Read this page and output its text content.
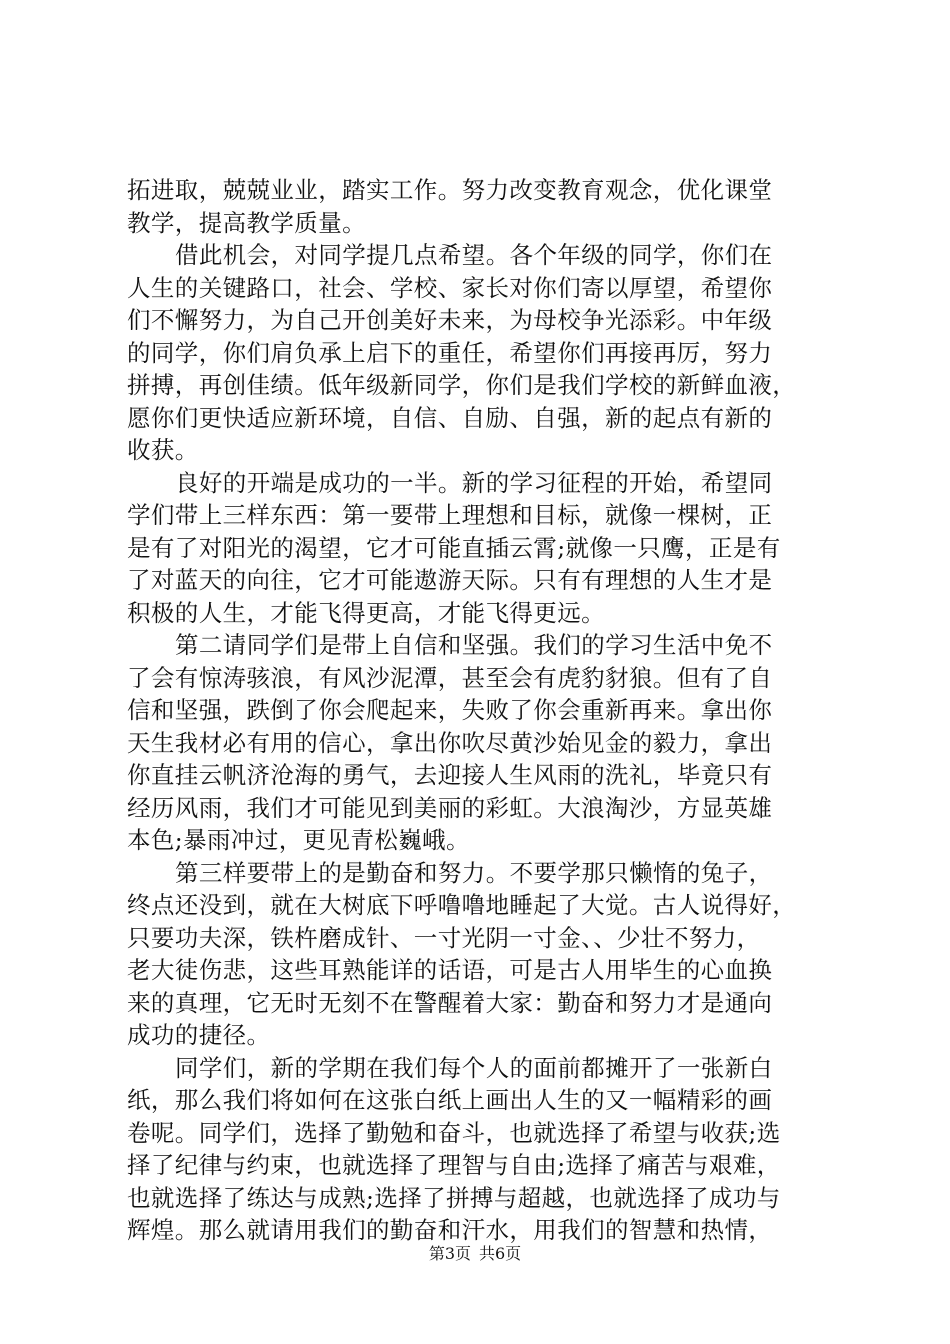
拓进取，兢兢业业，踏实工作。努力改变教育观念，优化课堂
教学，提高教学质量。
借此机会，对同学提几点希望。各个年级的同学，你们在
人生的关键路口，社会、学校、家长对你们寄以厚望，希望你
们不懈努力，为自己开创美好未来，为母校争光添彩。中年级
的同学，你们肩负承上启下的重任，希望你们再接再厉，努力
拼搏，再创佳绩。低年级新同学，你们是我们学校的新鲜血液，
愿你们更快适应新环境，自信、自励、自强，新的起点有新的
收获。
良好的开端是成功的一半。新的学习征程的开始，希望同
学们带上三样东西：第一要带上理想和目标，就像一棵树，正
是有了对阳光的渴望，它才可能直插云霄;就像一只鹰，正是有
了对蓝天的向往，它才可能遨游天际。只有有理想的人生才是
积极的人生，才能飞得更高，才能飞得更远。
第二请同学们是带上自信和坚强。我们的学习生活中免不
了会有惊涛骇浪，有风沙泥潭，甚至会有虎豹豺狼。但有了自
信和坚强，跌倒了你会爬起来，失败了你会重新再来。拿出你
天生我材必有用的信心，拿出你吹尽黄沙始见金的毅力，拿出
你直挂云帆济沧海的勇气，去迎接人生风雨的洗礼，毕竟只有
经历风雨，我们才可能见到美丽的彩虹。大浪淘沙，方显英雄
本色;暴雨冲过，更见青松巍峨。
第三样要带上的是勤奋和努力。不要学那只懒惰的兔子，
终点还没到，就在大树底下呼噜噜地睡起了大觉。古人说得好，
只要功夫深，铁杵磨成针、一寸光阴一寸金、、少壮不努力，
老大徒伤悲，这些耳熟能详的话语，可是古人用毕生的心血换
来的真理，它无时无刻不在警醒着大家：勤奋和努力才是通向
成功的捷径。
同学们，新的学期在我们每个人的面前都摊开了一张新白
纸，那么我们将如何在这张白纸上画出人生的又一幅精彩的画
卷呢。同学们，选择了勤勉和奋斗，也就选择了希望与收获;选
择了纪律与约束，也就选择了理智与自由;选择了痛苦与艰难，
也就选择了练达与成熟;选择了拼搏与超越，也就选择了成功与
辉煌。那么就请用我们的勤奋和汗水，用我们的智慧和热情，
第3页 共6页
